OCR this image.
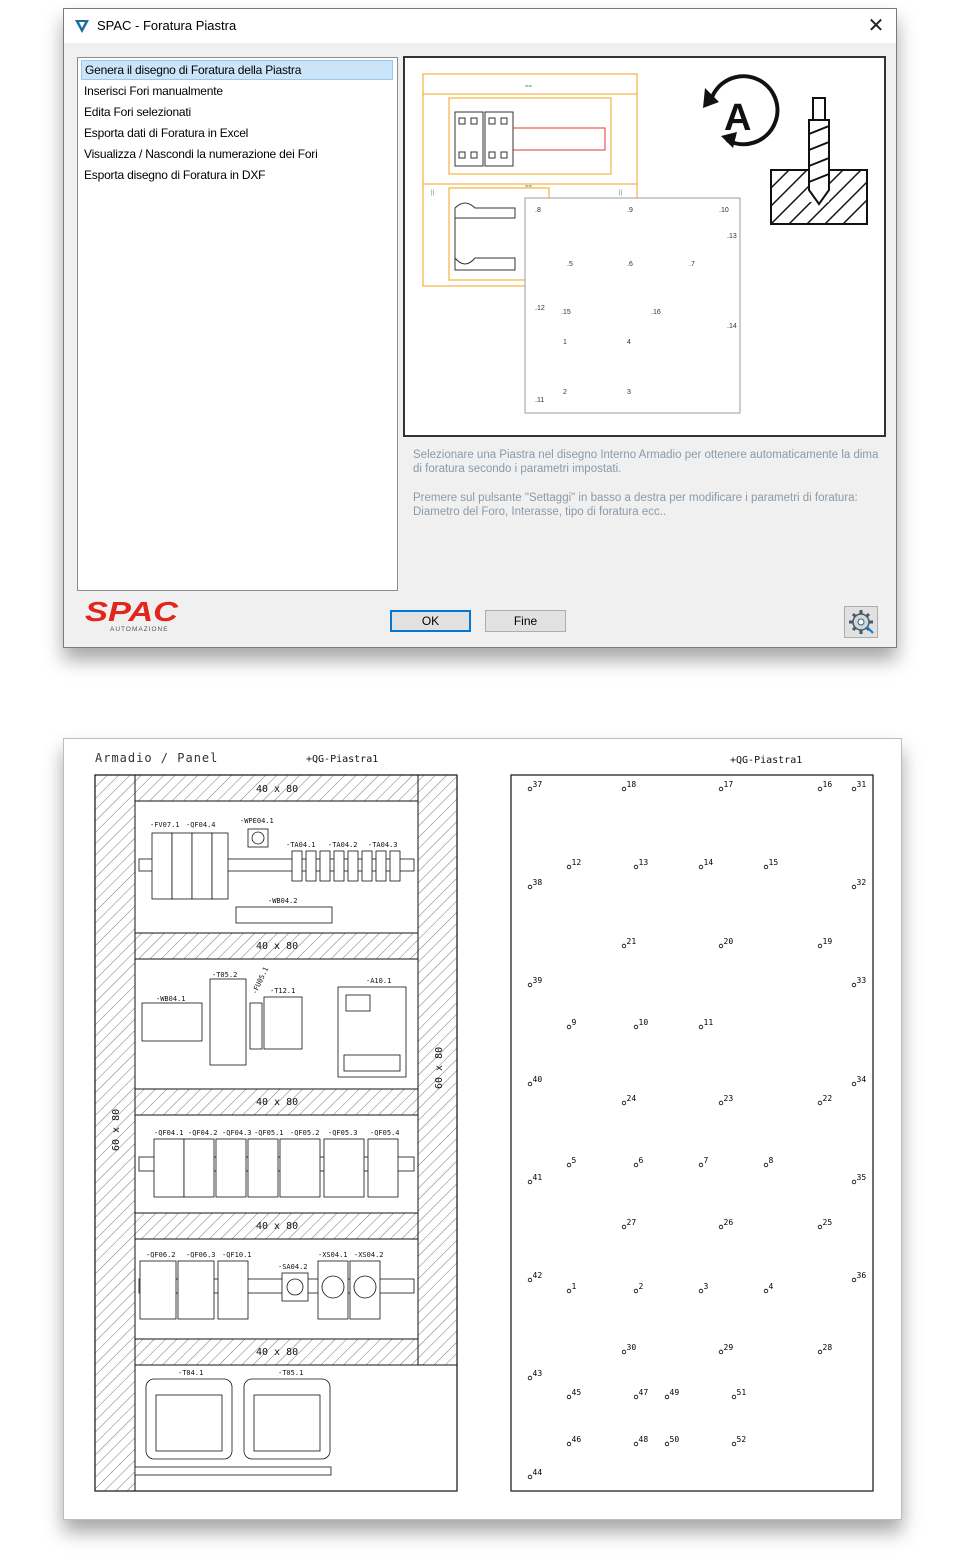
SPAC - Foratura Piastra	✕
Genera il disegno di Foratura della Piastra
Inserisci Fori manualmente
Edita Fori selezionati
Esporta dati di Foratura in Excel
Visualizza / Nascondi la numerazione dei Fori
Esporta disegno di Foratura in DXF
==
==
||	||
.8	.9	.10
.13
.5	.6	.7
.12
.15	.16
.14
1	4
.11
2	3
A

Selezionare una Piastra nel disegno Interno Armadio per ottenere automaticamente la dima di foratura secondo i parametri impostati.

Premere sul pulsante "Settaggi" in basso a destra per modificare i parametri di foratura: Diametro del Foro, Interasse, tipo di foratura ecc..

SPAC
AUTOMAZIONE
OK	Fine
Armadio / Panel	+QG-Piastra1	+QG-Piastra1
40 x 80
40 x 80
40 x 80
40 x 80
40 x 80
60 x 80
60 x 80
-FV07.1 -QF04.4	-WPE04.1
-TA04.1 -TA04.2 -TA04.3
-WB04.2
-WB04.1
-T05.2 -FU05.1 -T12.1
-A10.1
-QF04.1 -QF04.2 -QF04.3 -QF05.1 -QF05.2 -QF05.3 -QF05.4
-QF06.2 -QF06.3 -QF10.1
-SA04.2
-XS04.1 -XS04.2
-T04.1	-T05.1
37	18	17	16	31
12	13	14	15
38	32
21	20	19
39	33
9	10	11
40	34
24	23	22
5	6	7	8
41	35
27	26	25
42
1	2	3	4
36
30	29	28
43
45	47	49	51
46	48	50	52
44
